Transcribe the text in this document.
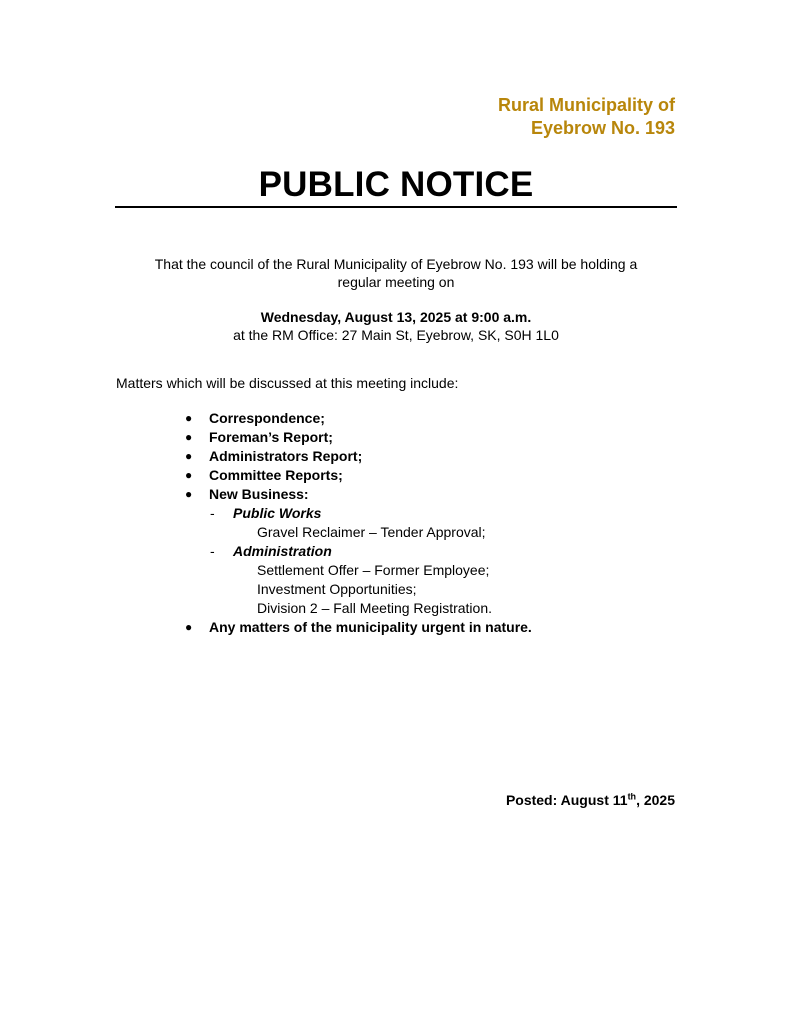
Rural Municipality of
Eyebrow No. 193
PUBLIC NOTICE
That the council of the Rural Municipality of Eyebrow No. 193 will be holding a
regular meeting on
Wednesday, August 13, 2025 at 9:00 a.m.
at the RM Office: 27 Main St, Eyebrow, SK, S0H 1L0
Matters which will be discussed at this meeting include:
● Correspondence;
● Foreman’s Report;
● Administrators Report;
● Committee Reports;
● New Business:
- Public Works
Gravel Reclaimer – Tender Approval;
- Administration
Settlement Offer – Former Employee;
Investment Opportunities;
Division 2 – Fall Meeting Registration.
● Any matters of the municipality urgent in nature.
Posted: August 11th, 2025
